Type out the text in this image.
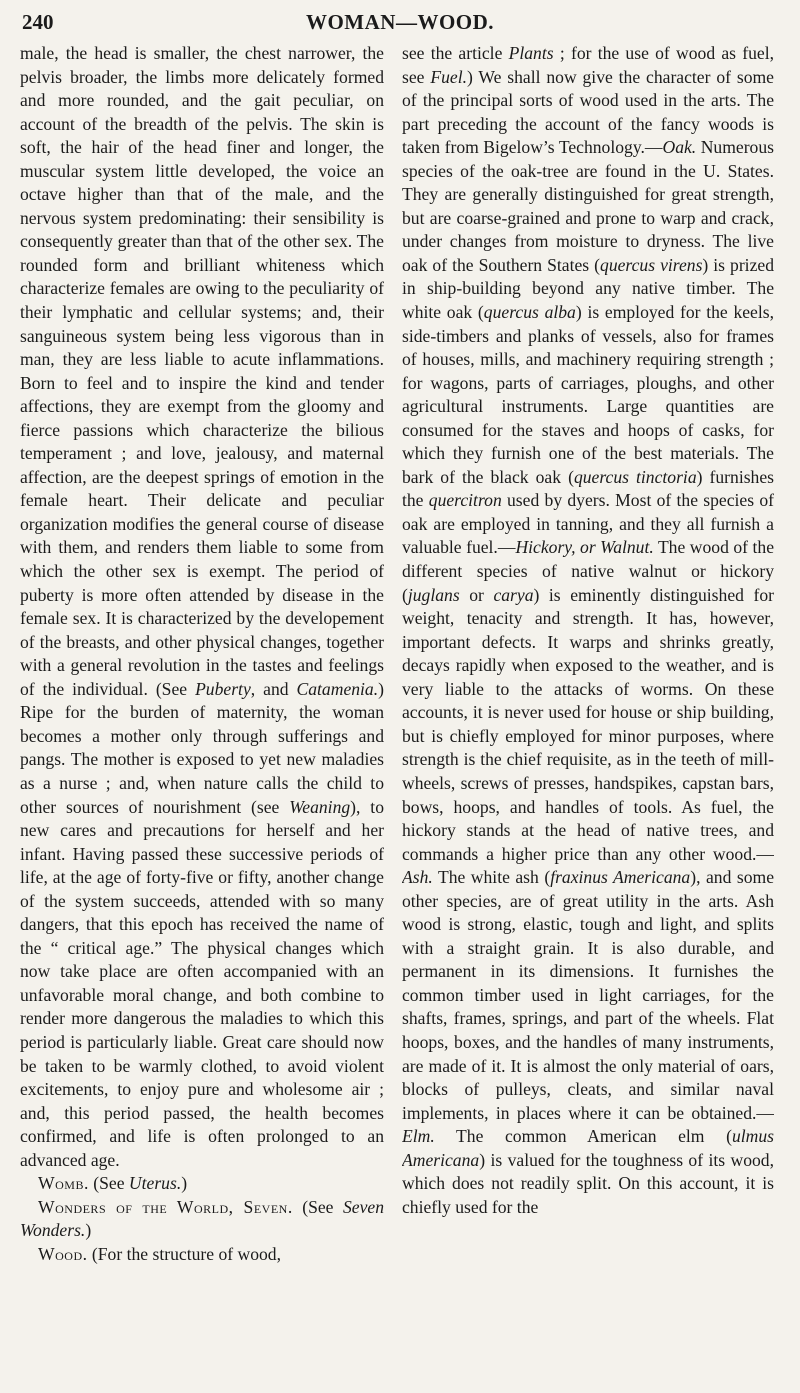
240	WOMAN—WOOD.

male, the head is smaller, the chest narrower, the pelvis broader, the limbs more delicately formed and more rounded, and the gait peculiar, on account of the breadth of the pelvis. The skin is soft, the hair of the head finer and longer, the muscular system little developed, the voice an octave higher than that of the male, and the nervous system predominating: their sensibility is consequently greater than that of the other sex. The rounded form and brilliant whiteness which characterize females are owing to the peculiarity of their lymphatic and cellular systems; and, their sanguineous system being less vigorous than in man, they are less liable to acute inflammations. Born to feel and to inspire the kind and tender affections, they are exempt from the gloomy and fierce passions which characterize the bilious temperament ; and love, jealousy, and maternal affection, are the deepest springs of emotion in the female heart. Their delicate and peculiar organization modifies the general course of disease with them, and renders them liable to some from which the other sex is exempt. The period of puberty is more often attended by disease in the female sex. It is characterized by the developement of the breasts, and other physical changes, together with a general revolution in the tastes and feelings of the individual. (See Puberty, and Catamenia.) Ripe for the burden of maternity, the woman becomes a mother only through sufferings and pangs. The mother is exposed to yet new maladies as a nurse ; and, when nature calls the child to other sources of nourishment (see Weaning), to new cares and precautions for herself and her infant. Having passed these successive periods of life, at the age of forty-five or fifty, another change of the system succeeds, attended with so many dangers, that this epoch has received the name of the “ critical age.” The physical changes which now take place are often accompanied with an unfavorable moral change, and both combine to render more dangerous the maladies to which this period is particularly liable. Great care should now be taken to be warmly clothed, to avoid violent excitements, to enjoy pure and wholesome air ; and, this period passed, the health becomes confirmed, and life is often prolonged to an advanced age.

Womb. (See Uterus.)

Wonders of the World, Seven. (See Seven Wonders.)

Wood. (For the structure of wood,

see the article Plants ; for the use of wood as fuel, see Fuel.) We shall now give the character of some of the principal sorts of wood used in the arts. The part preceding the account of the fancy woods is taken from Bigelow’s Technology.—Oak. Numerous species of the oak-tree are found in the U. States. They are generally distinguished for great strength, but are coarse-grained and prone to warp and crack, under changes from moisture to dryness. The live oak of the Southern States (quercus virens) is prized in ship-building beyond any native timber. The white oak (quercus alba) is employed for the keels, side-timbers and planks of vessels, also for frames of houses, mills, and machinery requiring strength ; for wagons, parts of carriages, ploughs, and other agricultural instruments. Large quantities are consumed for the staves and hoops of casks, for which they furnish one of the best materials. The bark of the black oak (quercus tinctoria) furnishes the quercitron used by dyers. Most of the species of oak are employed in tanning, and they all furnish a valuable fuel.—Hickory, or Walnut. The wood of the different species of native walnut or hickory (juglans or carya) is eminently distinguished for weight, tenacity and strength. It has, however, important defects. It warps and shrinks greatly, decays rapidly when exposed to the weather, and is very liable to the attacks of worms. On these accounts, it is never used for house or ship building, but is chiefly employed for minor purposes, where strength is the chief requisite, as in the teeth of mill-wheels, screws of presses, handspikes, capstan bars, bows, hoops, and handles of tools. As fuel, the hickory stands at the head of native trees, and commands a higher price than any other wood.—Ash. The white ash (fraxinus Americana), and some other species, are of great utility in the arts. Ash wood is strong, elastic, tough and light, and splits with a straight grain. It is also durable, and permanent in its dimensions. It furnishes the common timber used in light carriages, for the shafts, frames, springs, and part of the wheels. Flat hoops, boxes, and the handles of many instruments, are made of it. It is almost the only material of oars, blocks of pulleys, cleats, and similar naval implements, in places where it can be obtained.—Elm. The common American elm (ulmus Americana) is valued for the toughness of its wood, which does not readily split. On this account, it is chiefly used for the
